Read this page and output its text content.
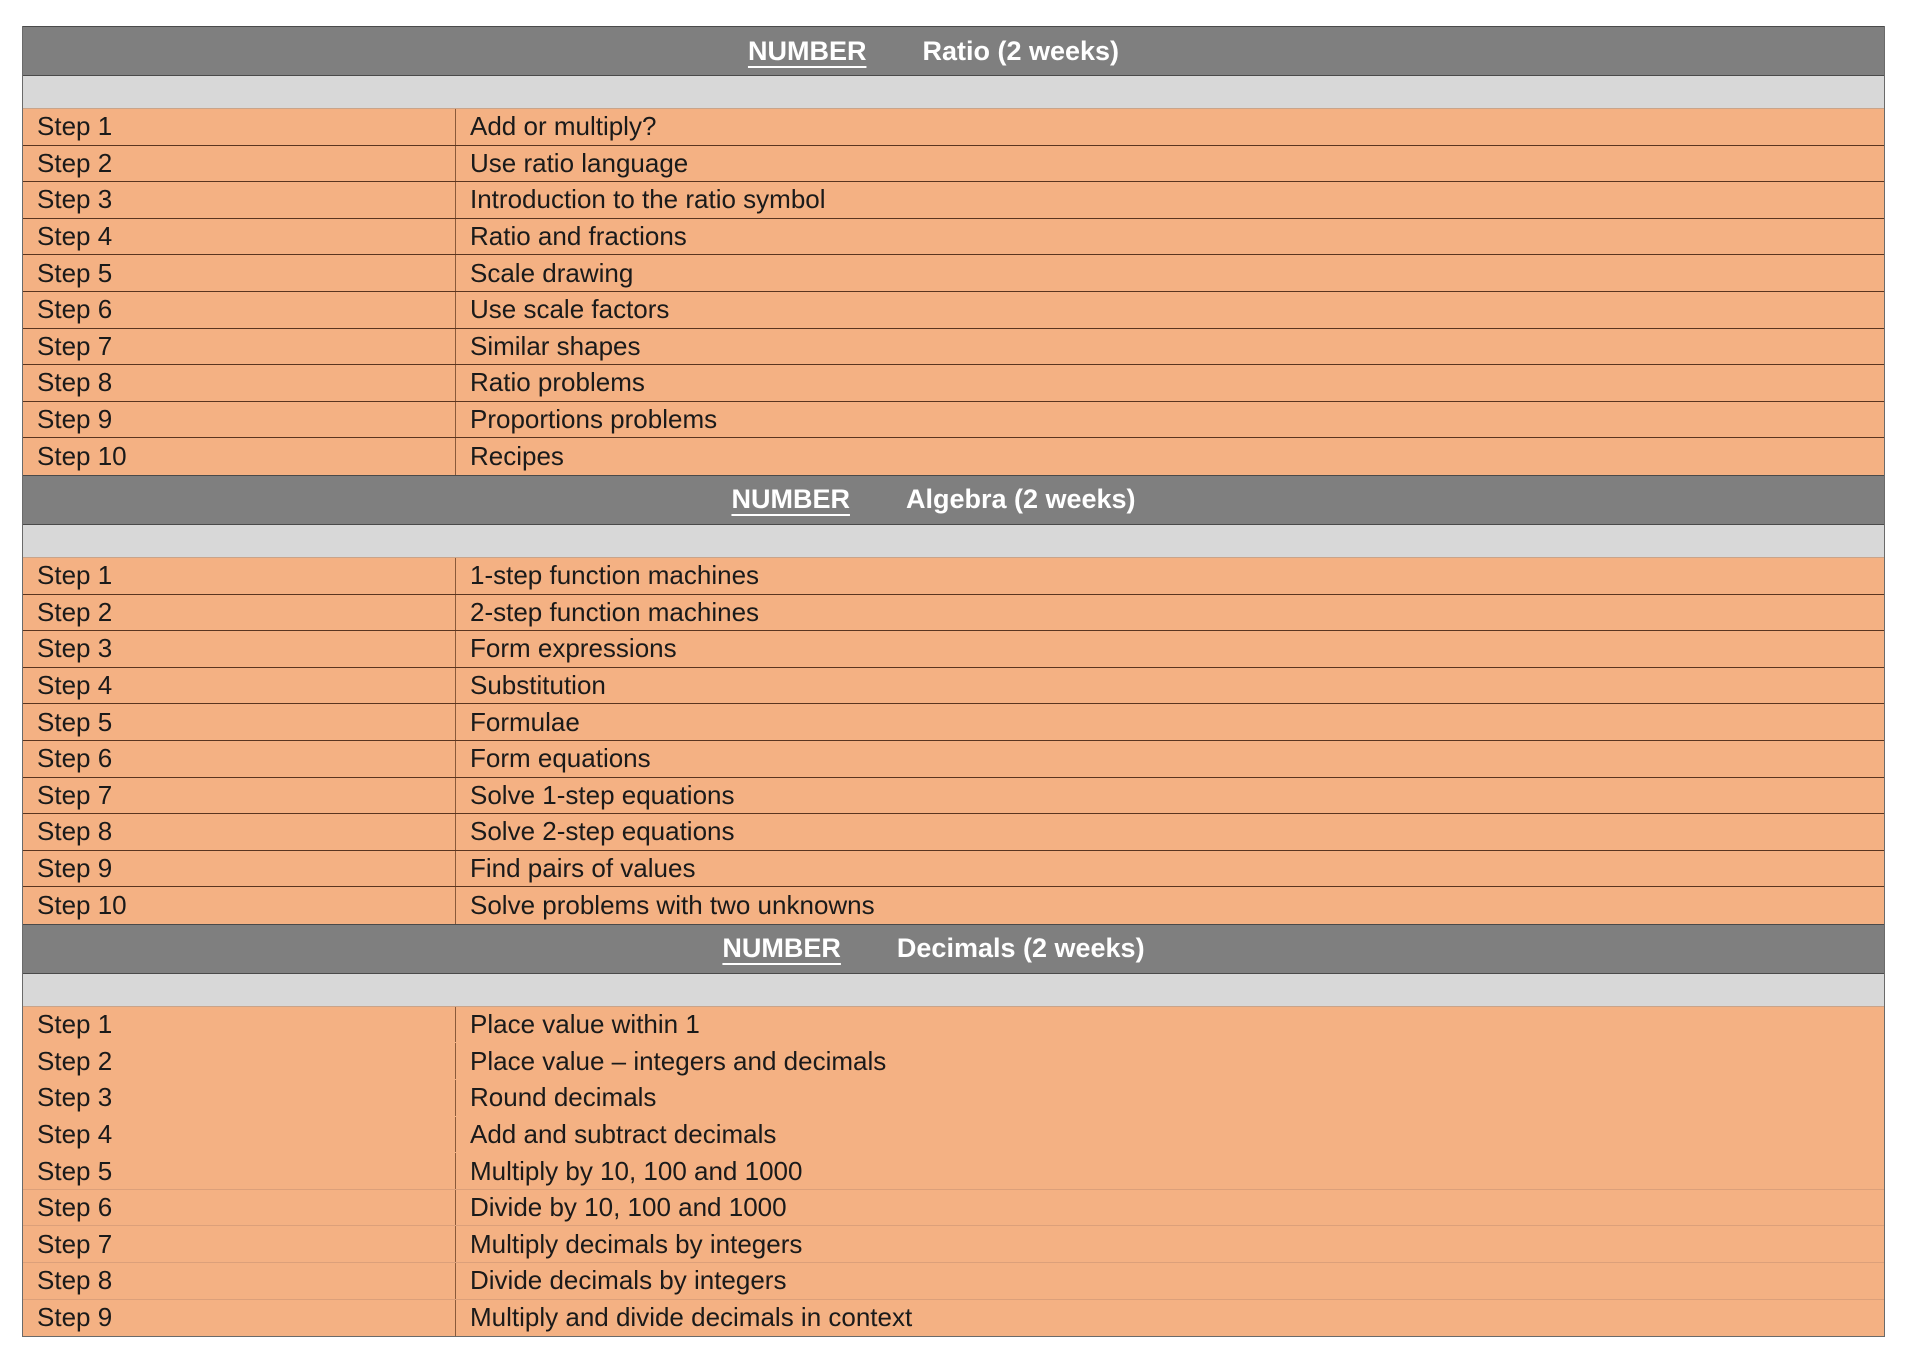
NUMBER Ratio (2 weeks)
Step 1	Add or multiply?
Step 2	Use ratio language
Step 3	Introduction to the ratio symbol
Step 4	Ratio and fractions
Step 5	Scale drawing
Step 6	Use scale factors
Step 7	Similar shapes
Step 8	Ratio problems
Step 9	Proportions problems
Step 10	Recipes
NUMBER Algebra (2 weeks)
Step 1	1-step function machines
Step 2	2-step function machines
Step 3	Form expressions
Step 4	Substitution
Step 5	Formulae
Step 6	Form equations
Step 7	Solve 1-step equations
Step 8	Solve 2-step equations
Step 9	Find pairs of values
Step 10	Solve problems with two unknowns
NUMBER Decimals (2 weeks)
Step 1	Place value within 1
Step 2	Place value – integers and decimals
Step 3	Round decimals
Step 4	Add and subtract decimals
Step 5	Multiply by 10, 100 and 1000
Step 6	Divide by 10, 100 and 1000
Step 7	Multiply decimals by integers
Step 8	Divide decimals by integers
Step 9	Multiply and divide decimals in context
